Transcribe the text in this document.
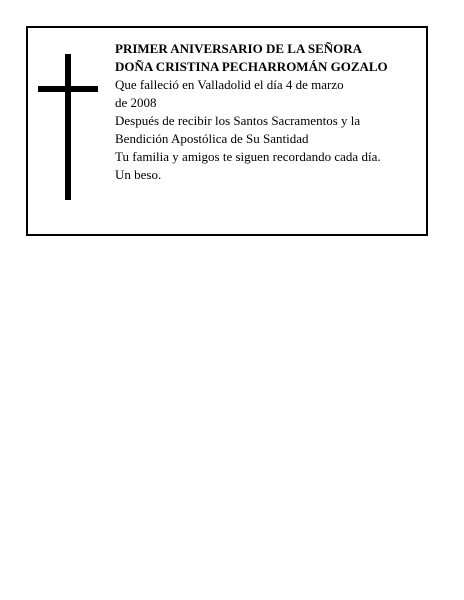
PRIMER ANIVERSARIO DE LA SEÑORA
DOÑA CRISTINA PECHARROMÁN GOZALO
Que falleció en Valladolid el día 4 de marzo
de 2008
Después de recibir los Santos Sacramentos y la
Bendición Apostólica de Su Santidad
Tu familia y amigos te siguen recordando cada día.
Un beso.
